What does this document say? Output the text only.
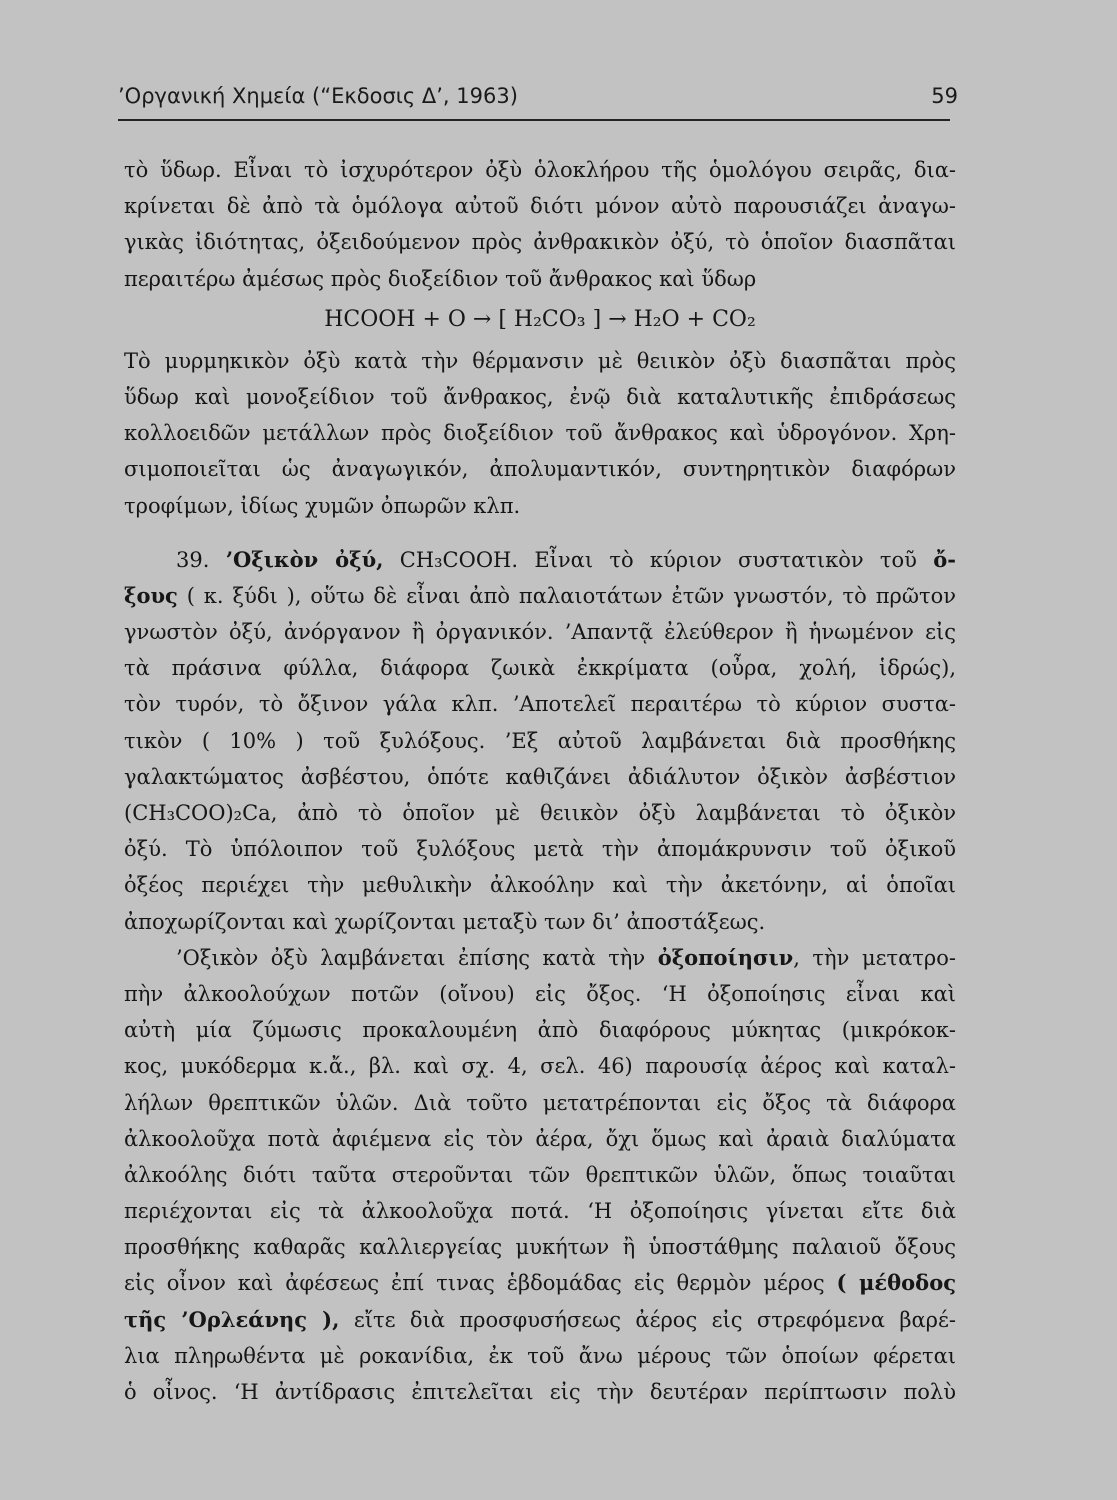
’Οργανική Χημεία (“Εκδοσις Δ’, 1963)	59
τὸ ὕδωρ. Εἶναι τὸ ἰσχυρότερον ὀξὺ ὁλοκλήρου τῆς ὁμολόγου σειρᾶς, δια-
κρίνεται δὲ ἀπὸ τὰ ὁμόλογα αὐτοῦ διότι μόνον αὐτὸ παρουσιάζει ἀναγω-
γικὰς ἰδιότητας, ὀξειδούμενον πρὸς ἀνθρακικὸν ὀξύ, τὸ ὁποῖον διασπᾶται
περαιτέρω ἀμέσως πρὸς διοξείδιον τοῦ ἄνθρακος καὶ ὕδωρ
HCOOH + O → [ H₂CO₃ ] → H₂O + CO₂
Τὸ μυρμηκικὸν ὀξὺ κατὰ τὴν θέρμανσιν μὲ θειικὸν ὀξὺ διασπᾶται πρὸς
ὕδωρ καὶ μονοξείδιον τοῦ ἄνθρακος, ἐνῷ διὰ καταλυτικῆς ἐπιδράσεως
κολλοειδῶν μετάλλων πρὸς διοξείδιον τοῦ ἄνθρακος καὶ ὑδρογόνον. Χρη-
σιμοποιεῖται ὡς ἀναγωγικόν, ἀπολυμαντικόν, συντηρητικὸν διαφόρων
τροφίμων, ἰδίως χυμῶν ὀπωρῶν κλπ.
39. ’Οξικὸν ὀξύ, CH₃COOH. Εἶναι τὸ κύριον συστατικὸν τοῦ ὄ-
ξους ( κ. ξύδι ), οὕτω δὲ εἶναι ἀπὸ παλαιοτάτων ἐτῶν γνωστόν, τὸ πρῶτον
γνωστὸν ὀξύ, ἀνόργανον ἢ ὀργανικόν. ’Απαντᾷ ἐλεύθερον ἢ ἡνωμένον εἰς
τὰ πράσινα φύλλα, διάφορα ζωικὰ ἐκκρίματα (οὖρα, χολή, ἱδρώς),
τὸν τυρόν, τὸ ὄξινον γάλα κλπ. ’Αποτελεῖ περαιτέρω τὸ κύριον συστα-
τικὸν ( 10% ) τοῦ ξυλόξους. ’Εξ αὐτοῦ λαμβάνεται διὰ προσθήκης
γαλακτώματος ἀσβέστου, ὁπότε καθιζάνει ἀδιάλυτον ὀξικὸν ἀσβέστιον
(CH₃COO)₂Ca, ἀπὸ τὸ ὁποῖον μὲ θειικὸν ὀξὺ λαμβάνεται τὸ ὀξικὸν
ὀξύ. Τὸ ὑπόλοιπον τοῦ ξυλόξους μετὰ τὴν ἀπομάκρυνσιν τοῦ ὀξικοῦ
ὀξέος περιέχει τὴν μεθυλικὴν ἀλκοόλην καὶ τὴν ἀκετόνην, αἱ ὁποῖαι
ἀποχωρίζονται καὶ χωρίζονται μεταξὺ των δι’ ἀποστάξεως.
’Οξικὸν ὀξὺ λαμβάνεται ἐπίσης κατὰ τὴν ὀξοποίησιν, τὴν μετατρο-
πὴν ἀλκοολούχων ποτῶν (οἴνου) εἰς ὄξος. ‘Η ὀξοποίησις εἶναι καὶ
αὐτὴ μία ζύμωσις προκαλουμένη ἀπὸ διαφόρους μύκητας (μικρόκοκ-
κος, μυκόδερμα κ.ἄ., βλ. καὶ σχ. 4, σελ. 46) παρουσίᾳ ἀέρος καὶ καταλ-
λήλων θρεπτικῶν ὑλῶν. Διὰ τοῦτο μετατρέπονται εἰς ὄξος τὰ διάφορα
ἀλκοολοῦχα ποτὰ ἀφιέμενα εἰς τὸν ἀέρα, ὄχι ὅμως καὶ ἀραιὰ διαλύματα
ἀλκοόλης διότι ταῦτα στεροῦνται τῶν θρεπτικῶν ὑλῶν, ὅπως τοιαῦται
περιέχονται εἰς τὰ ἀλκοολοῦχα ποτά. ‘Η ὀξοποίησις γίνεται εἴτε διὰ
προσθήκης καθαρᾶς καλλιεργείας μυκήτων ἢ ὑποστάθμης παλαιοῦ ὄξους
εἰς οἶνον καὶ ἀφέσεως ἐπί τινας ἑβδομάδας εἰς θερμὸν μέρος ( μέθοδος
τῆς ’Ορλεάνης ), εἴτε διὰ προσφυσήσεως ἀέρος εἰς στρεφόμενα βαρέ-
λια πληρωθέντα μὲ ροκανίδια, ἐκ τοῦ ἄνω μέρους τῶν ὁποίων φέρεται
ὁ οἶνος. ‘Η ἀντίδρασις ἐπιτελεῖται εἰς τὴν δευτέραν περίπτωσιν πολὺ
